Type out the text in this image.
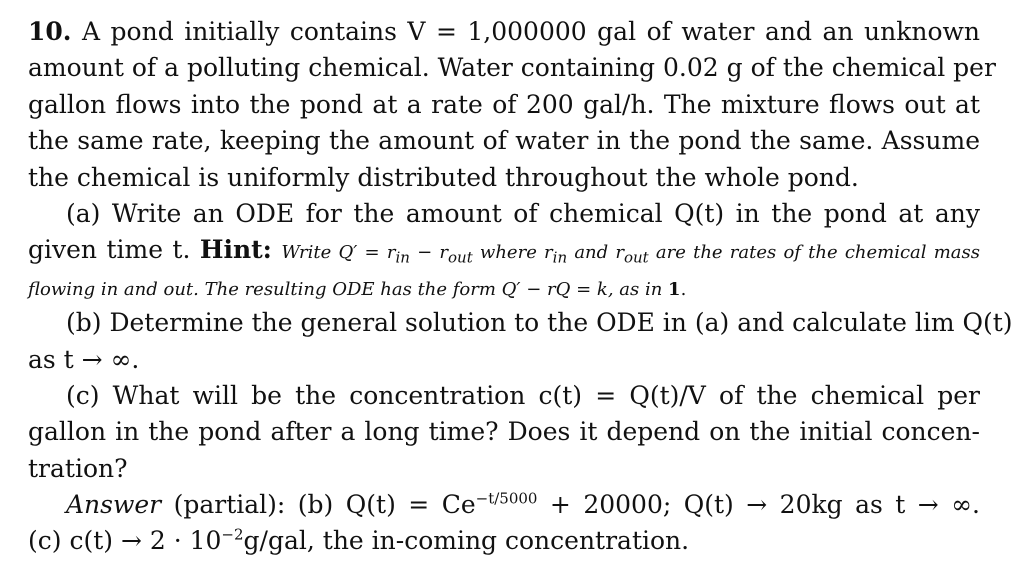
10. A pond initially contains V = 1,000000 gal of water and an unknown
amount of a polluting chemical. Water containing 0.02 g of the chemical per
gallon flows into the pond at a rate of 200 gal/h. The mixture flows out at
the same rate, keeping the amount of water in the pond the same. Assume
the chemical is uniformly distributed throughout the whole pond.
(a) Write an ODE for the amount of chemical Q(t) in the pond at any
given time t. Hint: Write $Q' = r_{in} - r_{out}$ where $r_{in}$ and $r_{out}$ are the rates of the chemical mass
flowing in and out. The resulting ODE has the form Q′ − rQ = k, as in 1.
(b) Determine the general solution to the ODE in (a) and calculate lim Q(t)
as t → ∞.
(c) What will be the concentration c(t) = Q(t)/V of the chemical per
gallon in the pond after a long time? Does it depend on the initial concen-
tration?
Answer (partial): (b) $Q(t) = Ce^{-t/5000} + 20000$; Q(t) → 20kg as t → ∞.
(c) $c(t) \to 2 \cdot 10^{-2}g$/gal, the in-coming concentration.
